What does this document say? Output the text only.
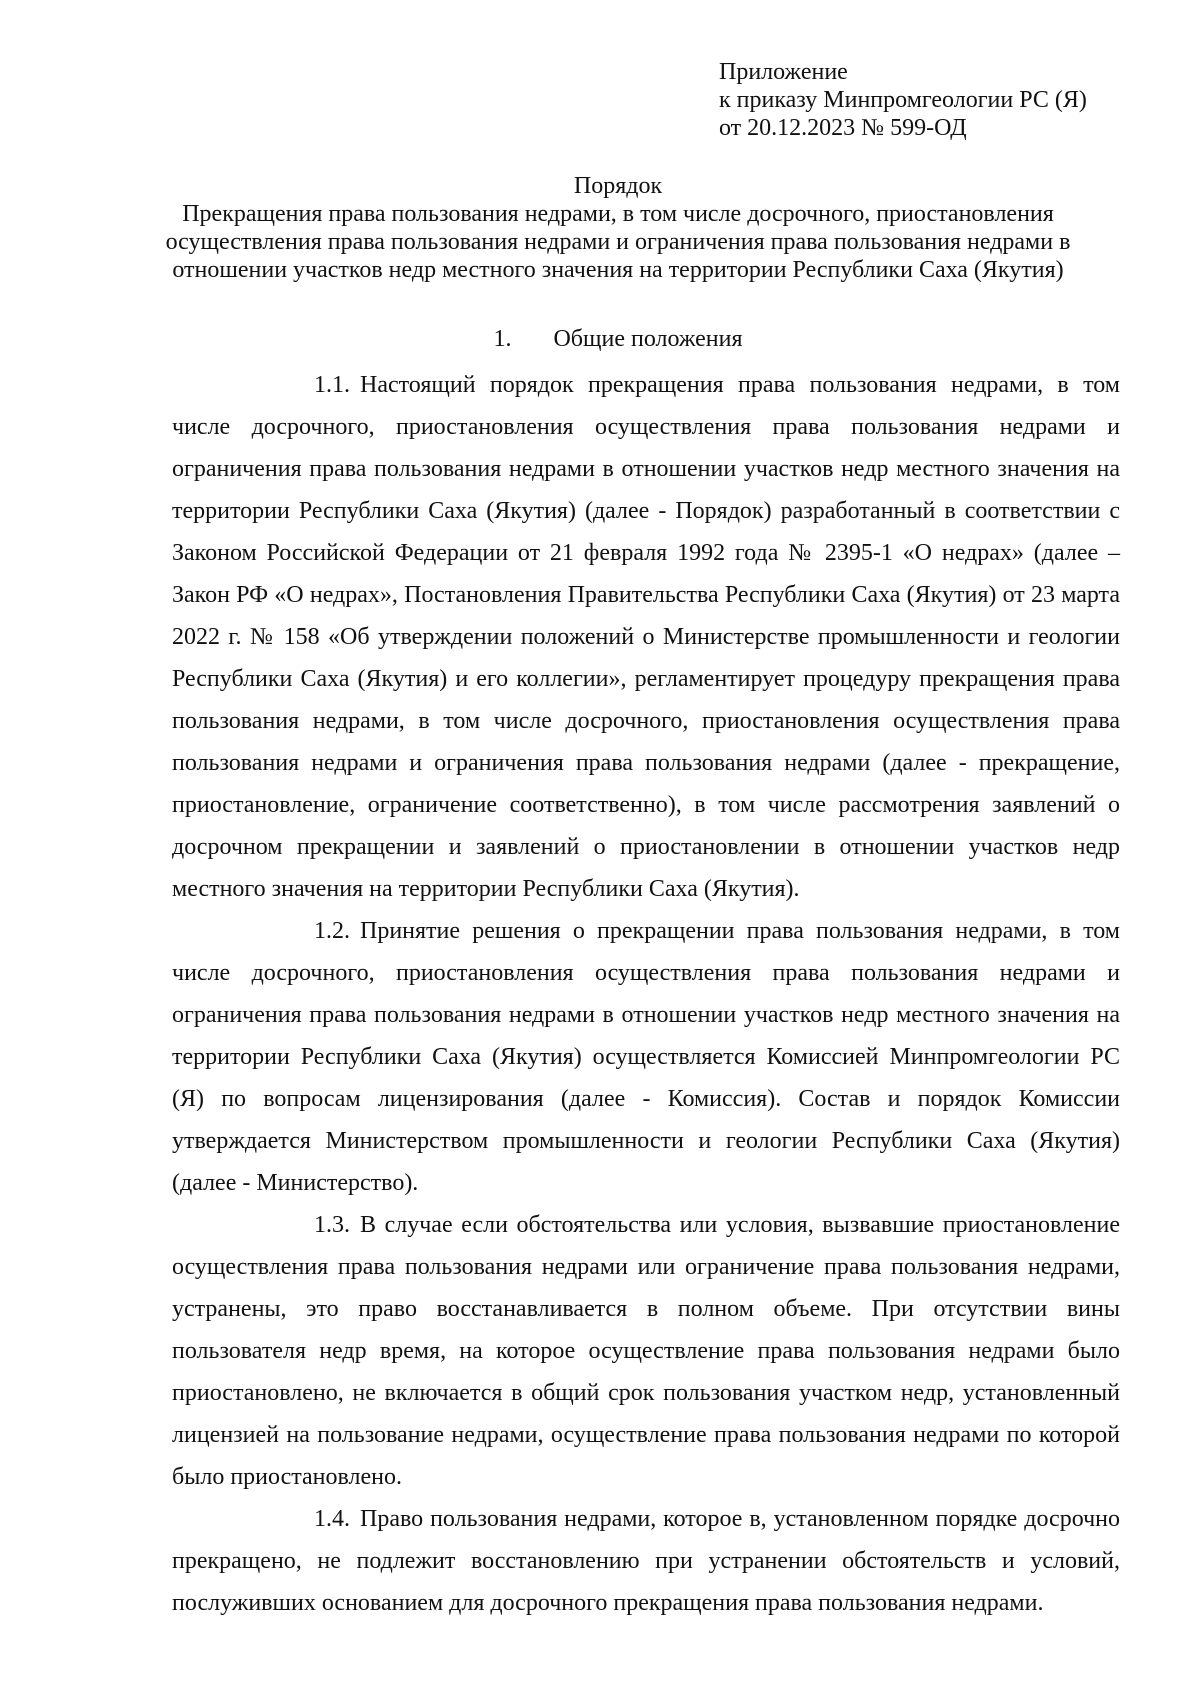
Приложение
к приказу Минпромгеологии РС (Я)
от 20.12.2023 № 599-ОД
Порядок
Прекращения права пользования недрами, в том числе досрочного, приостановления осуществления права пользования недрами и ограничения права пользования недрами в отношении участков недр местного значения на территории Республики Саха (Якутия)
1. Общие положения

1.1. Настоящий порядок прекращения права пользования недрами, в том числе досрочного, приостановления осуществления права пользования недрами и ограничения права пользования недрами в отношении участков недр местного значения на территории Республики Саха (Якутия) (далее - Порядок) разработанный в соответствии с Законом Российской Федерации от 21 февраля 1992 года № 2395-1 «О недрах» (далее – Закон РФ «О недрах», Постановления Правительства Республики Саха (Якутия) от 23 марта 2022 г. № 158 «Об утверждении положений о Министерстве промышленности и геологии Республики Саха (Якутия) и его коллегии», регламентирует процедуру прекращения права пользования недрами, в том числе досрочного, приостановления осуществления права пользования недрами и ограничения права пользования недрами (далее - прекращение, приостановление, ограничение соответственно), в том числе рассмотрения заявлений о досрочном прекращении и заявлений о приостановлении в отношении участков недр местного значения на территории Республики Саха (Якутия).

1.2. Принятие решения о прекращении права пользования недрами, в том числе досрочного, приостановления осуществления права пользования недрами и ограничения права пользования недрами в отношении участков недр местного значения на территории Республики Саха (Якутия) осуществляется Комиссией Минпромгеологии РС (Я) по вопросам лицензирования (далее - Комиссия). Состав и порядок Комиссии утверждается Министерством промышленности и геологии Республики Саха (Якутия) (далее - Министерство).

1.3. В случае если обстоятельства или условия, вызвавшие приостановление осуществления права пользования недрами или ограничение права пользования недрами, устранены, это право восстанавливается в полном объеме. При отсутствии вины пользователя недр время, на которое осуществление права пользования недрами было приостановлено, не включается в общий срок пользования участком недр, установленный лицензией на пользование недрами, осуществление права пользования недрами по которой было приостановлено.

1.4. Право пользования недрами, которое в, установленном порядке досрочно прекращено, не подлежит восстановлению при устранении обстоятельств и условий, послуживших основанием для досрочного прекращения права пользования недрами.
